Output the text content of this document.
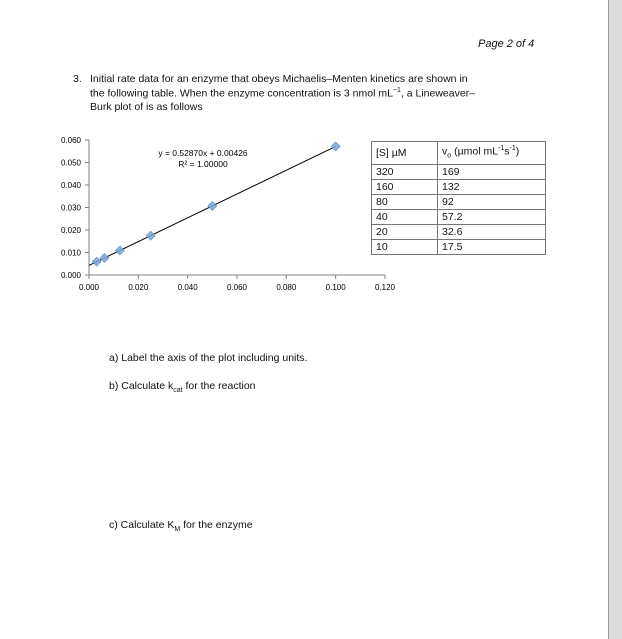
Page 2 of 4
3. Initial rate data for an enzyme that obeys Michaelis–Menten kinetics are shown in
the following table. When the enzyme concentration is 3 nmol $mL^{-1}$, a Lineweaver–
Burk plot of is as follows
0.000
0.010
0.020
0.030
0.040
0.050
0.060
0.000	0.020	0.040	0.060	0.080	0.100	0.120
y = 0.52870x + 0.00426
R² = 1.00000
[S] µM	$v_o$ (µmol $mL^{-1}s^{-1}$)
320	169
160	132
80	92
40	57.2
20	32.6
10	17.5
a) Label the axis of the plot including units.
b) Calculate $k_{cat}$ for the reaction
c) Calculate $K_M$ for the enzyme
